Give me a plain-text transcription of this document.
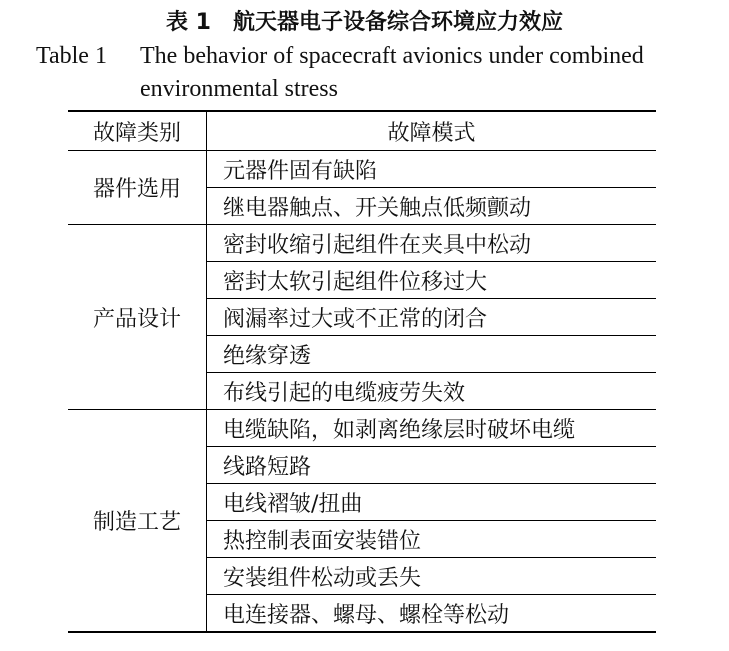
表 1 航天器电子设备综合环境应力效应
Table 1 The behavior of spacecraft avionics under combined
environmental stress
故障类别	故障模式
器件选用	元器件固有缺陷
	继电器触点、开关触点低频颤动
产品设计	密封收缩引起组件在夹具中松动
	密封太软引起组件位移过大
	阀漏率过大或不正常的闭合
	绝缘穿透
	布线引起的电缆疲劳失效
制造工艺	电缆缺陷，如剥离绝缘层时破坏电缆
	线路短路
	电线褶皱/扭曲
	热控制表面安装错位
	安装组件松动或丢失
	电连接器、螺母、螺栓等松动
